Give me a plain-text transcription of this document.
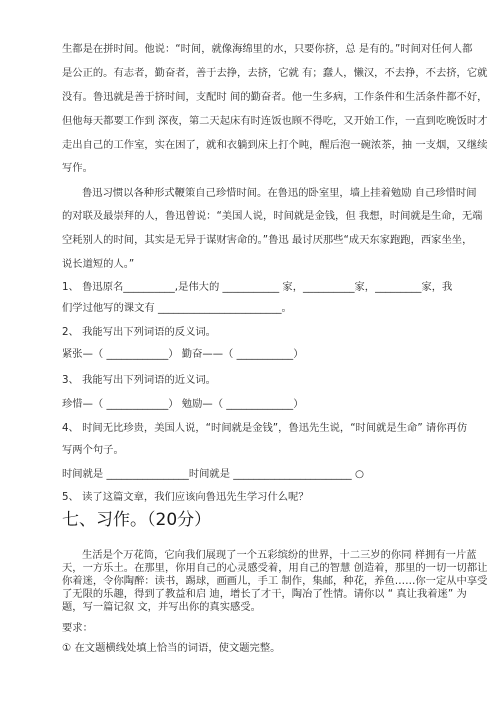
生都是在拼时间。他说：“时间，就像海绵里的水，只要你挤，总 是有的。”时间对任何人都
是公正的。有志者，勤奋者，善于去挣，去挤，它就 有；蠢人，懒汉，不去挣，不去挤，它就
没有。鲁迅就是善于挤时间，支配时 间的勤奋者。他一生多病，工作条件和生活条件都不好，
但他每天都要工作到 深夜，第二天起床有时连饭也顾不得吃，又开始工作，一直到吃晚饭时才
走出自己的工作室，实在困了，就和衣躺到床上打个盹，醒后泡一碗浓茶，抽 一支烟，又继续
写作。
鲁迅习惯以各种形式鞭策自己珍惜时间。在鲁迅的卧室里，墙上挂着勉励 自己珍惜时间
的对联及最崇拜的人，鲁迅曾说：“美国人说，时间就是金钱，但 我想，时间就是生命，无端
空耗别人的时间，其实是无异于谋财害命的。”鲁迅 最讨厌那些“成天东家跑跑，西家坐坐，
说长道短的人。”
1、 鲁迅原名__________,是伟大的 ___________ 家，__________家，_________家，我
们学过他写的课文有 ________________________。
2、 我能写出下列词语的反义词。
紧张—（ ____________） 勤奋——（ ___________）
3、 我能写出下列词语的近义词。
珍惜—（ ____________） 勉励—（ _____________）
4、 时间无比珍贵，美国人说，“时间就是金钱”，鲁迅先生说，“时间就是生命” 请你再仿
写两个句子。
时间就是 ________________时间就是 _______________________ ○
5、 读了这篇文章，我们应该向鲁迅先生学习什么呢？
七、习作。（20分）
生活是个万花筒，它向我们展现了一个五彩缤纷的世界，十二三岁的你同 样拥有一片蓝
天，一方乐土。在那里，你用自己的心灵感受着，用自己的智慧 创造着，那里的一切一切都让
你着迷，令你陶醉：读书，踢球，画画儿，手工 制作，集邮，种花，养鱼……你一定从中享受
了无限的乐趣，得到了教益和启 迪，增长了才干，陶冶了性情。请你以 “ 真让我着迷” 为
题，写一篇记叙 文，并写出你的真实感受。
要求：
① 在文题横线处填上恰当的词语，使文题完整。
